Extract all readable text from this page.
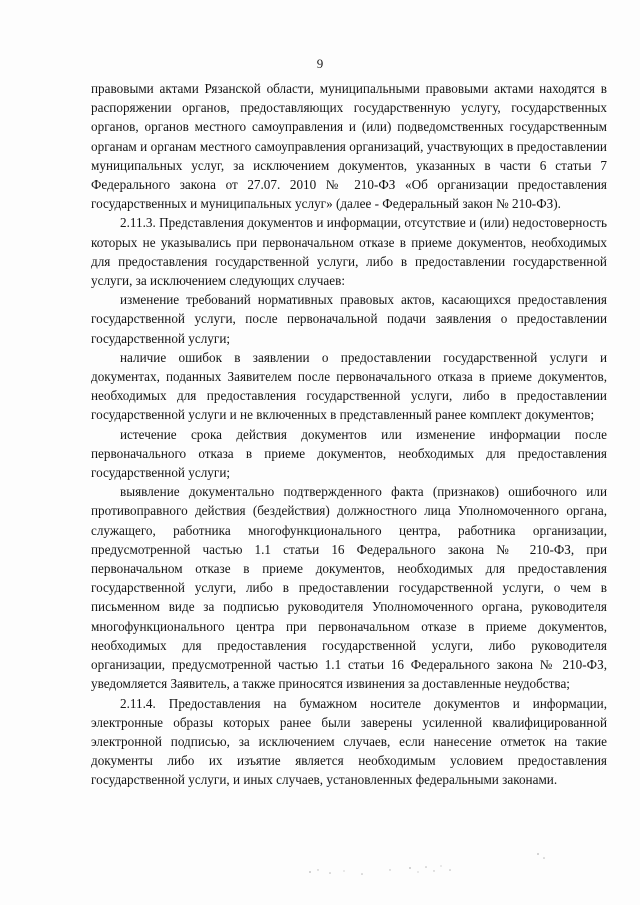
9

правовыми актами Рязанской области, муниципальными правовыми актами находятся в распоряжении органов, предоставляющих государственную услугу, государственных органов, органов местного самоуправления и (или) подведомственных государственным органам и органам местного самоуправления организаций, участвующих в предоставлении муниципальных услуг, за исключением документов, указанных в части 6 статьи 7 Федерального закона от 27.07. 2010 № 210-ФЗ «Об организации предоставления государственных и муниципальных услуг» (далее - Федеральный закон № 210-ФЗ).

2.11.3. Представления документов и информации, отсутствие и (или) недостоверность которых не указывались при первоначальном отказе в приеме документов, необходимых для предоставления государственной услуги, либо в предоставлении государственной услуги, за исключением следующих случаев:

изменение требований нормативных правовых актов, касающихся предоставления государственной услуги, после первоначальной подачи заявления о предоставлении государственной услуги;

наличие ошибок в заявлении о предоставлении государственной услуги и документах, поданных Заявителем после первоначального отказа в приеме документов, необходимых для предоставления государственной услуги, либо в предоставлении государственной услуги и не включенных в представленный ранее комплект документов;

истечение срока действия документов или изменение информации после первоначального отказа в приеме документов, необходимых для предоставления государственной услуги;

выявление документально подтвержденного факта (признаков) ошибочного или противоправного действия (бездействия) должностного лица Уполномоченного органа, служащего, работника многофункционального центра, работника организации, предусмотренной частью 1.1 статьи 16 Федерального закона № 210-ФЗ, при первоначальном отказе в приеме документов, необходимых для предоставления государственной услуги, либо в предоставлении государственной услуги, о чем в письменном виде за подписью руководителя Уполномоченного органа, руководителя многофункционального центра при первоначальном отказе в приеме документов, необходимых для предоставления государственной услуги, либо руководителя организации, предусмотренной частью 1.1 статьи 16 Федерального закона № 210-ФЗ, уведомляется Заявитель, а также приносятся извинения за доставленные неудобства;

2.11.4. Предоставления на бумажном носителе документов и информации, электронные образы которых ранее были заверены усиленной квалифицированной электронной подписью, за исключением случаев, если нанесение отметок на такие документы либо их изъятие является необходимым условием предоставления государственной услуги, и иных случаев, установленных федеральными законами.
